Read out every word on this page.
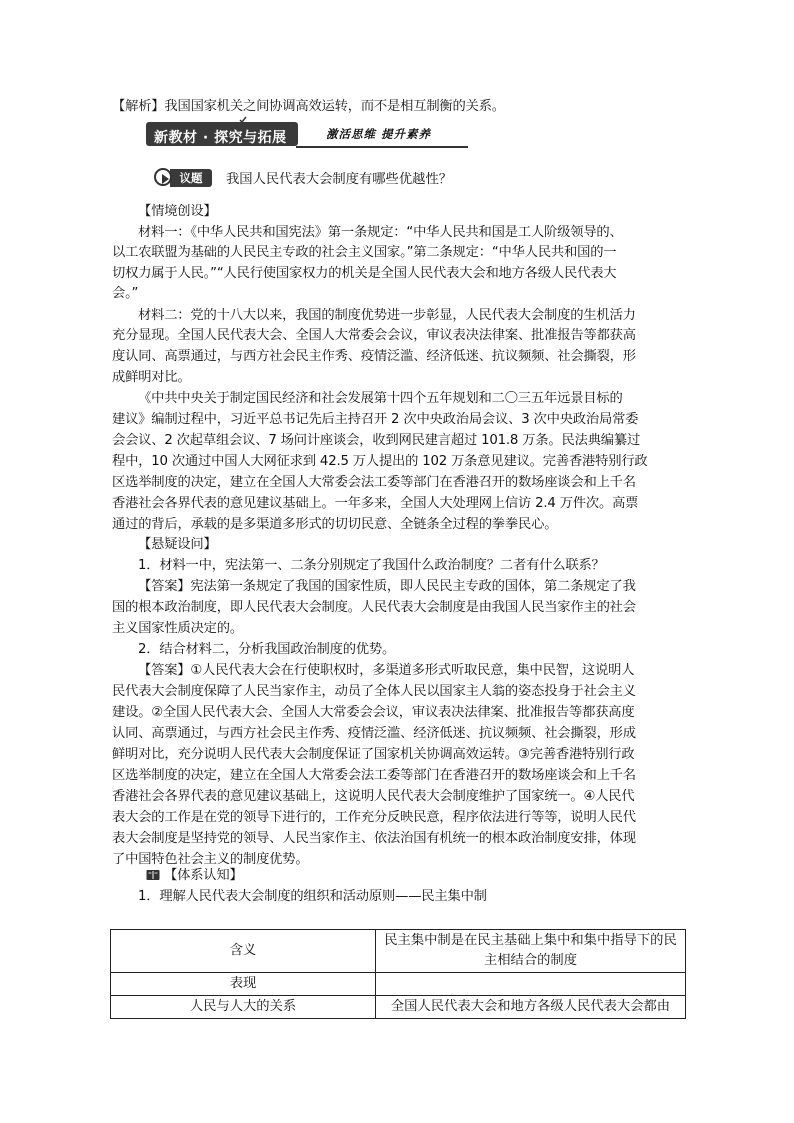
【解析】我国国家机关之间协调高效运转，而不是相互制衡的关系。
新教材 · 探究与拓展	激活思维 提升素养
议题	我国人民代表大会制度有哪些优越性？
【情境创设】
材料一：《中华人民共和国宪法》第一条规定：“中华人民共和国是工人阶级领导的、
以工农联盟为基础的人民民主专政的社会主义国家。”第二条规定：“中华人民共和国的一
切权力属于人民。”“人民行使国家权力的机关是全国人民代表大会和地方各级人民代表大
会。”
材料二：党的十八大以来，我国的制度优势进一步彰显，人民代表大会制度的生机活力
充分显现。全国人民代表大会、全国人大常委会会议，审议表决法律案、批准报告等都获高
度认同、高票通过，与西方社会民主作秀、疫情泛滥、经济低迷、抗议频频、社会撕裂，形
成鲜明对比。
《中共中央关于制定国民经济和社会发展第十四个五年规划和二〇三五年远景目标的
建议》编制过程中，习近平总书记先后主持召开 2 次中央政治局会议、3 次中央政治局常委
会会议、2 次起草组会议、7 场问计座谈会，收到网民建言超过 101.8 万条。民法典编纂过
程中，10 次通过中国人大网征求到 42.5 万人提出的 102 万条意见建议。完善香港特别行政
区选举制度的决定，建立在全国人大常委会法工委等部门在香港召开的数场座谈会和上千名
香港社会各界代表的意见建议基础上。一年多来，全国人大处理网上信访 2.4 万件次。高票
通过的背后，承载的是多渠道多形式的切切民意、全链条全过程的拳拳民心。
【悬疑设问】
1．材料一中，宪法第一、二条分别规定了我国什么政治制度？二者有什么联系？
【答案】宪法第一条规定了我国的国家性质，即人民民主专政的国体，第二条规定了我
国的根本政治制度，即人民代表大会制度。人民代表大会制度是由我国人民当家作主的社会
主义国家性质决定的。
2．结合材料二，分析我国政治制度的优势。
【答案】①人民代表大会在行使职权时，多渠道多形式听取民意，集中民智，这说明人
民代表大会制度保障了人民当家作主，动员了全体人民以国家主人翁的姿态投身于社会主义
建设。②全国人民代表大会、全国人大常委会会议，审议表决法律案、批准报告等都获高度
认同、高票通过，与西方社会民主作秀、疫情泛滥、经济低迷、抗议频频、社会撕裂，形成
鲜明对比，充分说明人民代表大会制度保证了国家机关协调高效运转。③完善香港特别行政
区选举制度的决定，建立在全国人大常委会法工委等部门在香港召开的数场座谈会和上千名
香港社会各界代表的意见建议基础上，这说明人民代表大会制度维护了国家统一。④人民代
表大会的工作是在党的领导下进行的，工作充分反映民意，程序依法进行等等，说明人民代
表大会制度是坚持党的领导、人民当家作主、依法治国有机统一的根本政治制度安排，体现
了中国特色社会主义的制度优势。
【体系认知】
1．理解人民代表大会制度的组织和活动原则——民主集中制
含义	民主集中制是在民主基础上集中和集中指导下的民主相结合的制度
表现	
人民与人大的关系	全国人民代表大会和地方各级人民代表大会都由
